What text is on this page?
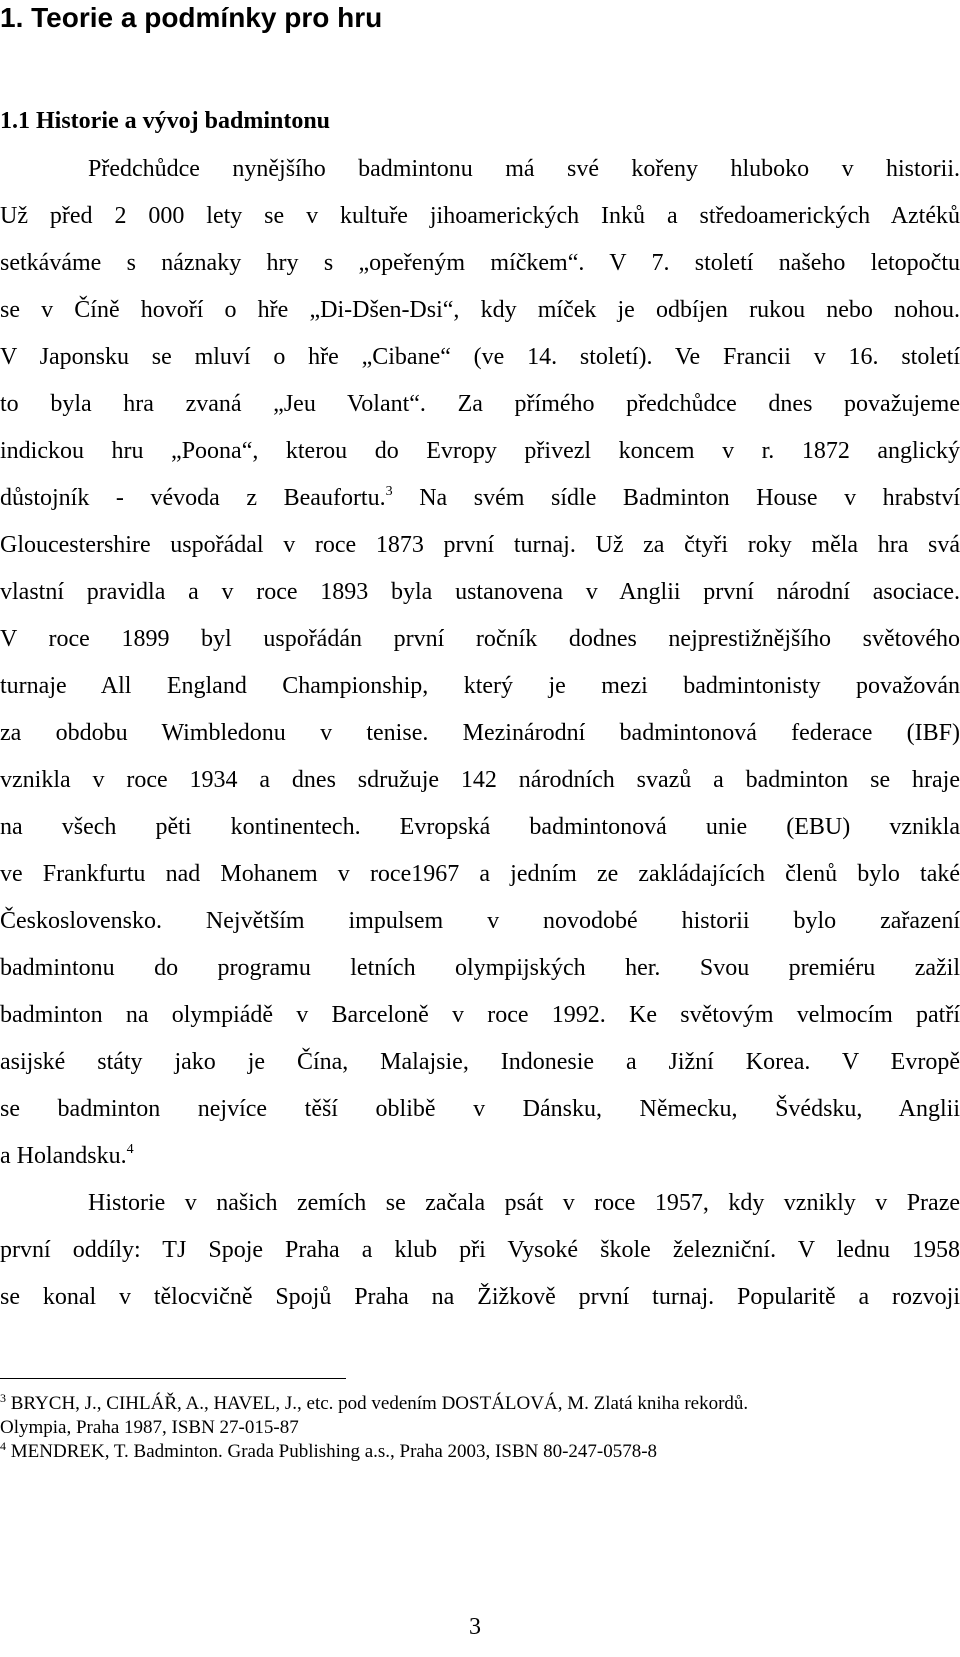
1. Teorie a podmínky pro hru
1.1 Historie a vývoj badmintonu
Předchůdce nynějšího badmintonu má své kořeny hluboko v historii.
Už před 2 000 lety se v kultuře jihoamerických Inků a středoamerických Aztéků
setkáváme s náznaky hry s „opeřeným míčkem“. V 7. století našeho letopočtu
se v Číně hovoří o hře „Di-Dšen-Dsi“, kdy míček je odbíjen rukou nebo nohou.
V Japonsku se mluví o hře „Cibane“ (ve 14. století). Ve Francii v 16. století
to byla hra zvaná „Jeu Volant“. Za přímého předchůdce dnes považujeme
indickou hru „Poona“, kterou do Evropy přivezl koncem v r. 1872 anglický
důstojník - vévoda z Beaufortu.$^3$ Na svém sídle Badminton House v hrabství
Gloucestershire uspořádal v roce 1873 první turnaj. Už za čtyři roky měla hra svá
vlastní pravidla a v roce 1893 byla ustanovena v Anglii první národní asociace.
V roce 1899 byl uspořádán první ročník dodnes nejprestižnějšího světového
turnaje All England Championship, který je mezi badmintonisty považován
za obdobu Wimbledonu v tenise. Mezinárodní badmintonová federace (IBF)
vznikla v roce 1934 a dnes sdružuje 142 národních svazů a badminton se hraje
na všech pěti kontinentech. Evropská badmintonová unie (EBU) vznikla
ve Frankfurtu nad Mohanem v roce1967 a jedním ze zakládajících členů bylo také
Československo. Největším impulsem v novodobé historii bylo zařazení
badmintonu do programu letních olympijských her. Svou premiéru zažil
badminton na olympiádě v Barceloně v roce 1992. Ke světovým velmocím patří
asijské státy jako je Čína, Malajsie, Indonesie a Jižní Korea. V Evropě
se badminton nejvíce těší oblibě v Dánsku, Německu, Švédsku, Anglii
a Holandsku.$^4$
Historie v našich zemích se začala psát v roce 1957, kdy vznikly v Praze
první oddíly: TJ Spoje Praha a klub při Vysoké škole železniční. V lednu 1958
se konal v tělocvičně Spojů Praha na Žižkově první turnaj. Popularitě a rozvoji
$^3$ BRYCH, J., CIHLÁŘ, A., HAVEL, J., etc. pod vedením DOSTÁLOVÁ, M. Zlatá kniha rekordů.
Olympia, Praha 1987, ISBN 27-015-87
$^4$ MENDREK, T. Badminton. Grada Publishing a.s., Praha 2003, ISBN 80-247-0578-8
3
